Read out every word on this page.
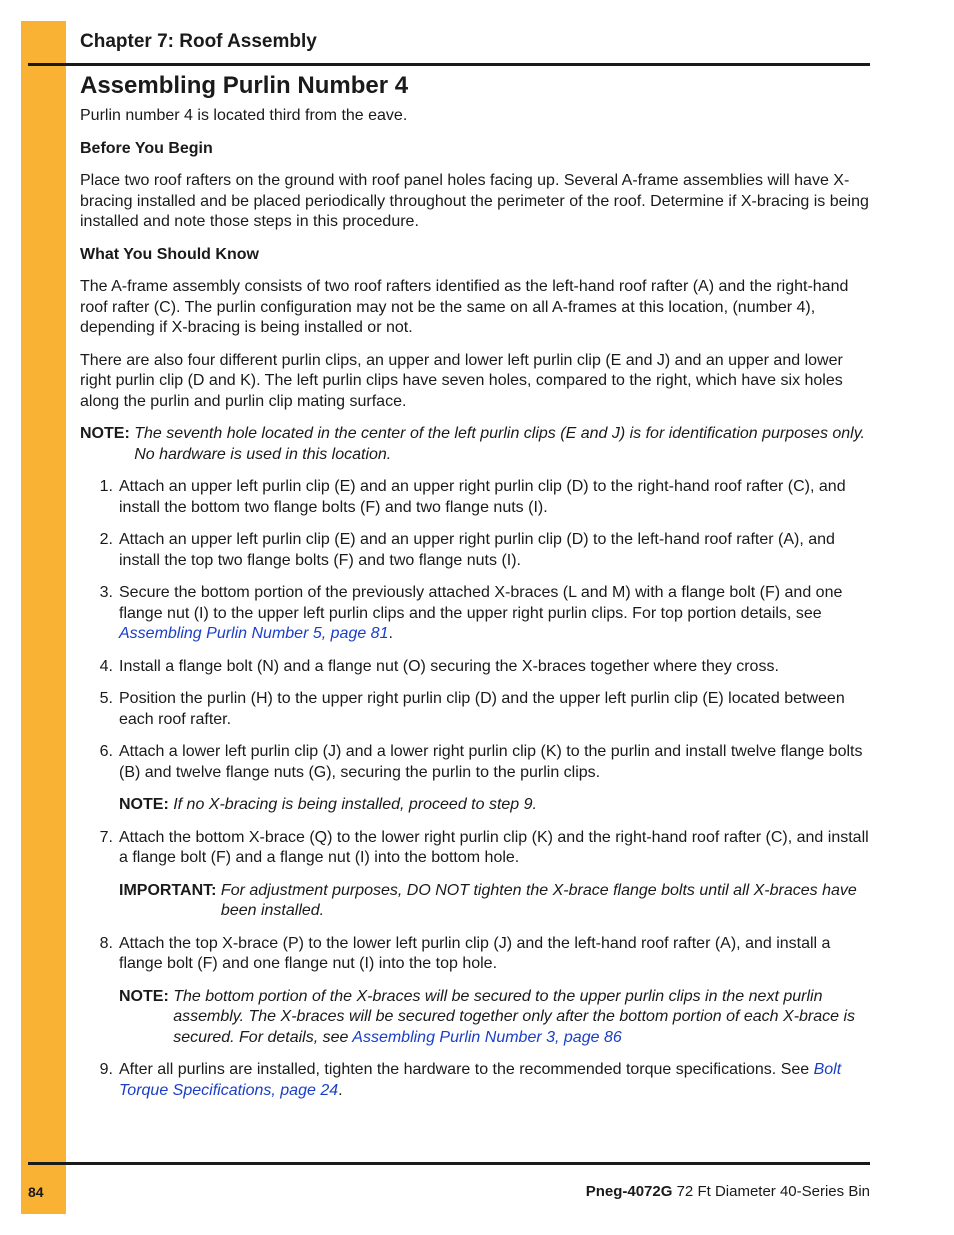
Chapter 7: Roof Assembly
Assembling Purlin Number 4

Purlin number 4 is located third from the eave.

Before You Begin

Place two roof rafters on the ground with roof panel holes facing up. Several A-frame assemblies will have X-bracing installed and be placed periodically throughout the perimeter of the roof. Determine if X-bracing is being installed and note those steps in this procedure.

What You Should Know

The A-frame assembly consists of two roof rafters identified as the left-hand roof rafter (A) and the right-hand roof rafter (C). The purlin configuration may not be the same on all A-frames at this location, (number 4), depending if X-bracing is being installed or not.

There are also four different purlin clips, an upper and lower left purlin clip (E and J) and an upper and lower right purlin clip (D and K). The left purlin clips have seven holes, compared to the right, which have six holes along the purlin and purlin clip mating surface.

NOTE: The seventh hole located in the center of the left purlin clips (E and J) is for identification purposes only. No hardware is used in this location.
1. Attach an upper left purlin clip (E) and an upper right purlin clip (D) to the right-hand roof rafter (C), and install the bottom two flange bolts (F) and two flange nuts (I).
2. Attach an upper left purlin clip (E) and an upper right purlin clip (D) to the left-hand roof rafter (A), and install the top two flange bolts (F) and two flange nuts (I).
3. Secure the bottom portion of the previously attached X-braces (L and M) with a flange bolt (F) and one flange nut (I) to the upper left purlin clips and the upper right purlin clips. For top portion details, see Assembling Purlin Number 5, page 81.
4. Install a flange bolt (N) and a flange nut (O) securing the X-braces together where they cross.
5. Position the purlin (H) to the upper right purlin clip (D) and the upper left purlin clip (E) located between each roof rafter.
6. Attach a lower left purlin clip (J) and a lower right purlin clip (K) to the purlin and install twelve flange bolts (B) and twelve flange nuts (G), securing the purlin to the purlin clips.
NOTE: If no X-bracing is being installed, proceed to step 9.
7. Attach the bottom X-brace (Q) to the lower right purlin clip (K) and the right-hand roof rafter (C), and install a flange bolt (F) and a flange nut (I) into the bottom hole.
IMPORTANT: For adjustment purposes, DO NOT tighten the X-brace flange bolts until all X-braces have been installed.
8. Attach the top X-brace (P) to the lower left purlin clip (J) and the left-hand roof rafter (A), and install a flange bolt (F) and one flange nut (I) into the top hole.
NOTE: The bottom portion of the X-braces will be secured to the upper purlin clips in the next purlin assembly. The X-braces will be secured together only after the bottom portion of each X-brace is secured. For details, see Assembling Purlin Number 3, page 86
9. After all purlins are installed, tighten the hardware to the recommended torque specifications. See Bolt Torque Specifications, page 24.
84	Pneg-4072G 72 Ft Diameter 40-Series Bin
